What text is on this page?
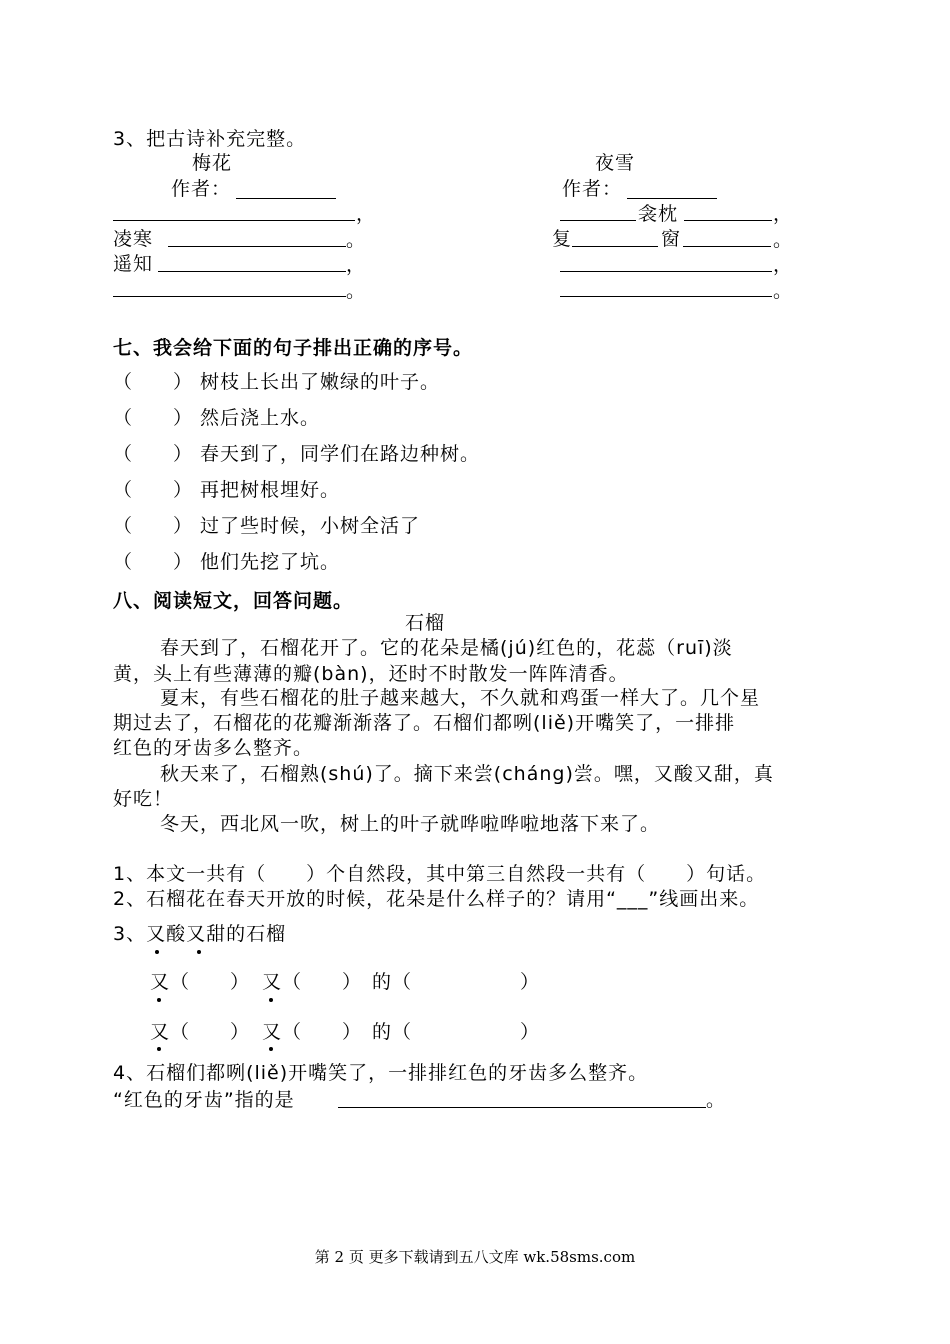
3、把古诗补充完整。
梅花
作者：
，
凌寒	。
遥知	，
。
夜雪
作者：
衾枕	，
复	窗	。
，
。
七、我会给下面的句子排出正确的序号。
（　　） 树枝上长出了嫩绿的叶子。
（　　） 然后浇上水。
（　　） 春天到了，同学们在路边种树。
（　　） 再把树根埋好。
（　　） 过了些时候，小树全活了
（　　） 他们先挖了坑。
八、阅读短文，回答问题。
石榴
春天到了，石榴花开了。它的花朵是橘(jú)红色的，花蕊（ruī)淡
黄，头上有些薄薄的瓣(bàn)，还时不时散发一阵阵清香。
夏末，有些石榴花的肚子越来越大，不久就和鸡蛋一样大了。几个星
期过去了，石榴花的花瓣渐渐落了。石榴们都咧(liě)开嘴笑了，一排排
红色的牙齿多么整齐。
秋天来了，石榴熟(shú)了。摘下来尝(cháng)尝。嘿，又酸又甜，真
好吃！
冬天，西北风一吹，树上的叶子就哗啦哗啦地落下来了。
1、本文一共有（　　）个自然段，其中第三自然段一共有（　　）句话。
2、石榴花在春天开放的时候，花朵是什么样子的？请用“___”线画出来。
3、又酸又甜的石榴
又 （　　） 又 （　　） 的 （	）
又 （　　） 又 （　　） 的 （	）
4、石榴们都咧(liě)开嘴笑了，一排排红色的牙齿多么整齐。
“红色的牙齿”指的是	。
第 2 页 更多下载请到五八文库 wk.58sms.com
